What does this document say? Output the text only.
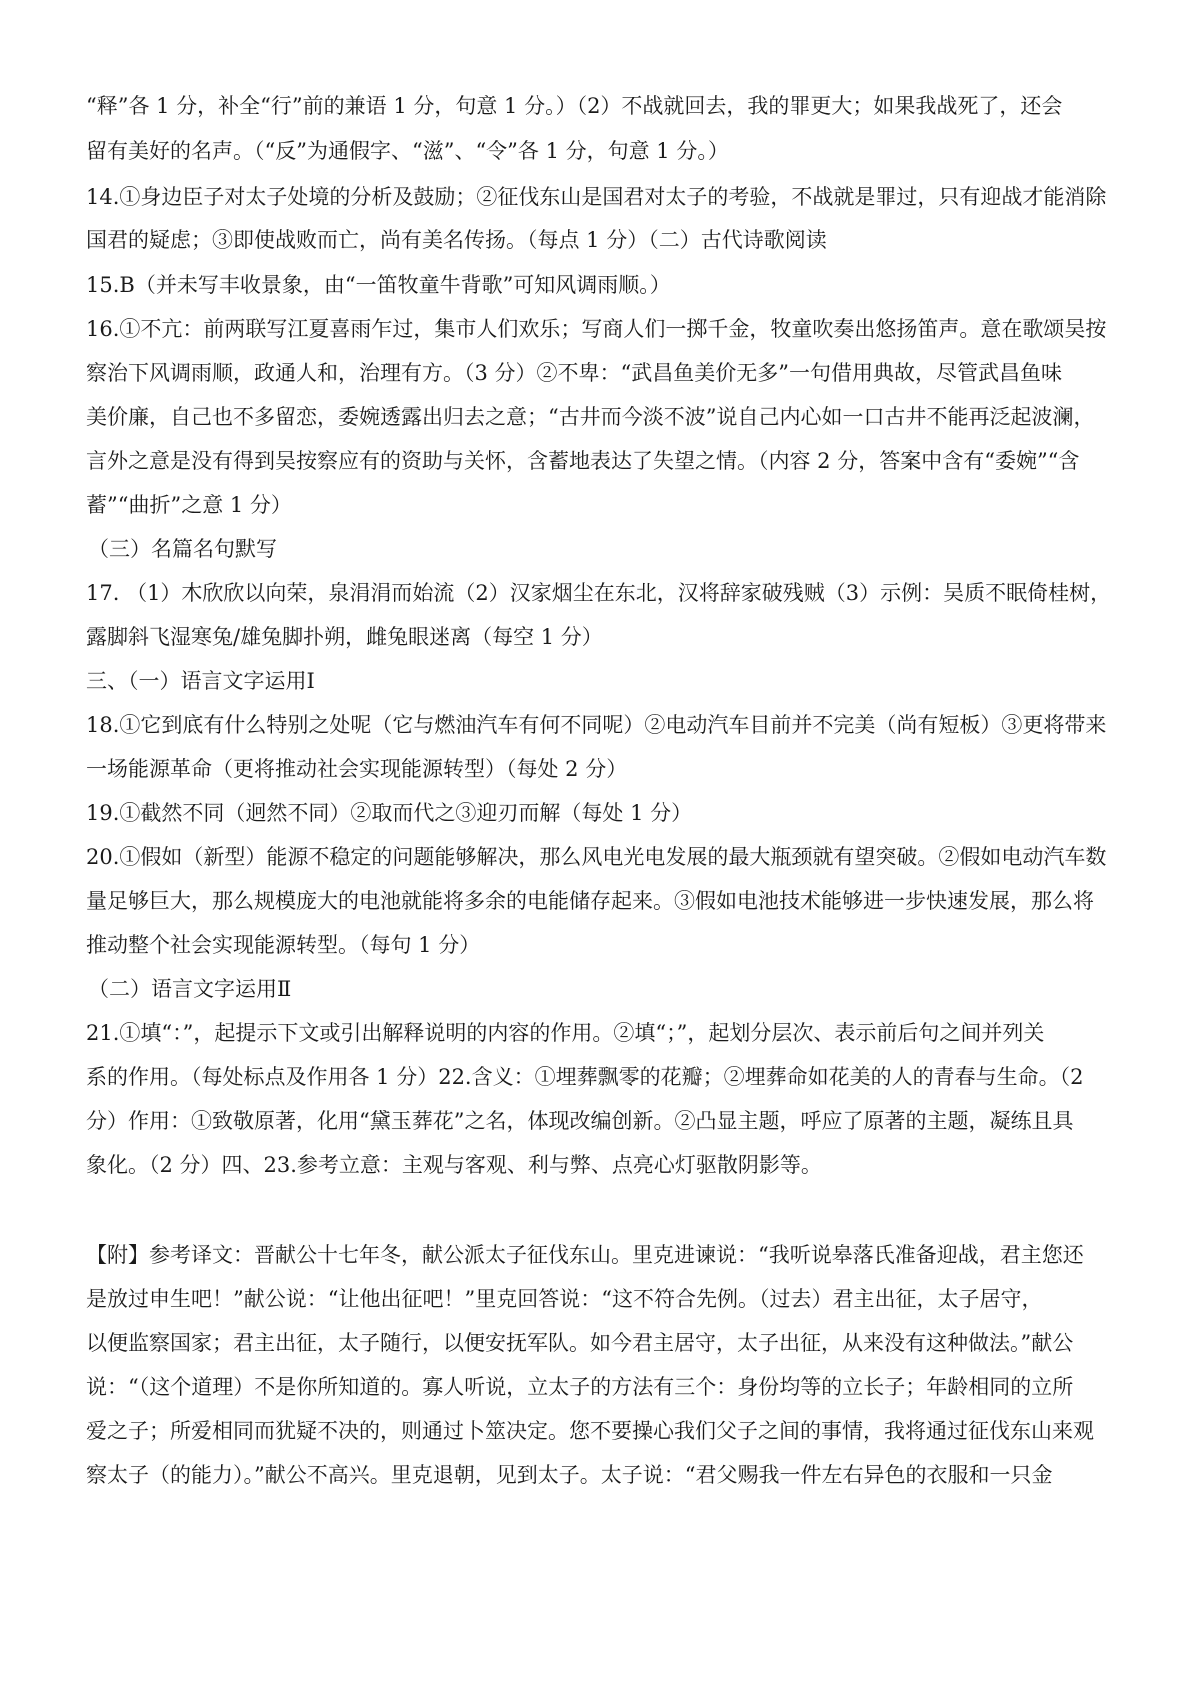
“释”各 1 分，补全“行”前的兼语 1 分，句意 1 分。）（2）不战就回去，我的罪更大；如果我战死了，还会
留有美好的名声。（“反”为通假字、“滋”、“令”各 1 分，句意 1 分。）
14.①身边臣子对太子处境的分析及鼓励；②征伐东山是国君对太子的考验，不战就是罪过，只有迎战才能消除
国君的疑虑；③即使战败而亡，尚有美名传扬。（每点 1 分）（二）古代诗歌阅读
15.B（并未写丰收景象，由“一笛牧童牛背歌”可知风调雨顺。）
16.①不亢：前两联写江夏喜雨乍过，集市人们欢乐；写商人们一掷千金，牧童吹奏出悠扬笛声。意在歌颂吴按
察治下风调雨顺，政通人和，治理有方。（3 分）②不卑：“武昌鱼美价无多”一句借用典故，尽管武昌鱼味
美价廉，自己也不多留恋，委婉透露出归去之意；“古井而今淡不波”说自己内心如一口古井不能再泛起波澜，
言外之意是没有得到吴按察应有的资助与关怀，含蓄地表达了失望之情。（内容 2 分，答案中含有“委婉”“含
蓄”“曲折”之意 1 分）
（三）名篇名句默写
17. （1）木欣欣以向荣，泉涓涓而始流（2）汉家烟尘在东北，汉将辞家破残贼（3）示例：吴质不眠倚桂树，
露脚斜飞湿寒兔/雄兔脚扑朔，雌兔眼迷离（每空 1 分）
三、（一）语言文字运用Ⅰ
18.①它到底有什么特别之处呢（它与燃油汽车有何不同呢）②电动汽车目前并不完美（尚有短板）③更将带来
一场能源革命（更将推动社会实现能源转型）（每处 2 分）
19.①截然不同（迥然不同）②取而代之③迎刃而解（每处 1 分）
20.①假如（新型）能源不稳定的问题能够解决，那么风电光电发展的最大瓶颈就有望突破。②假如电动汽车数
量足够巨大，那么规模庞大的电池就能将多余的电能储存起来。③假如电池技术能够进一步快速发展，那么将
推动整个社会实现能源转型。（每句 1 分）
（二）语言文字运用Ⅱ
21.①填“：”，起提示下文或引出解释说明的内容的作用。②填“；”，起划分层次、表示前后句之间并列关
系的作用。（每处标点及作用各 1 分）22.含义：①埋葬飘零的花瓣；②埋葬命如花美的人的青春与生命。（2
分）作用：①致敬原著，化用“黛玉葬花”之名，体现改编创新。②凸显主题，呼应了原著的主题，凝练且具
象化。（2 分）四、23.参考立意：主观与客观、利与弊、点亮心灯驱散阴影等。
【附】参考译文：晋献公十七年冬，献公派太子征伐东山。里克进谏说：“我听说皋落氏准备迎战，君主您还
是放过申生吧！”献公说：“让他出征吧！”里克回答说：“这不符合先例。（过去）君主出征，太子居守，
以便监察国家；君主出征，太子随行，以便安抚军队。如今君主居守，太子出征，从来没有这种做法。”献公
说：“（这个道理）不是你所知道的。寡人听说，立太子的方法有三个：身份均等的立长子；年龄相同的立所
爱之子；所爱相同而犹疑不决的，则通过卜筮决定。您不要操心我们父子之间的事情，我将通过征伐东山来观
察太子（的能力）。”献公不高兴。里克退朝，见到太子。太子说：“君父赐我一件左右异色的衣服和一只金
